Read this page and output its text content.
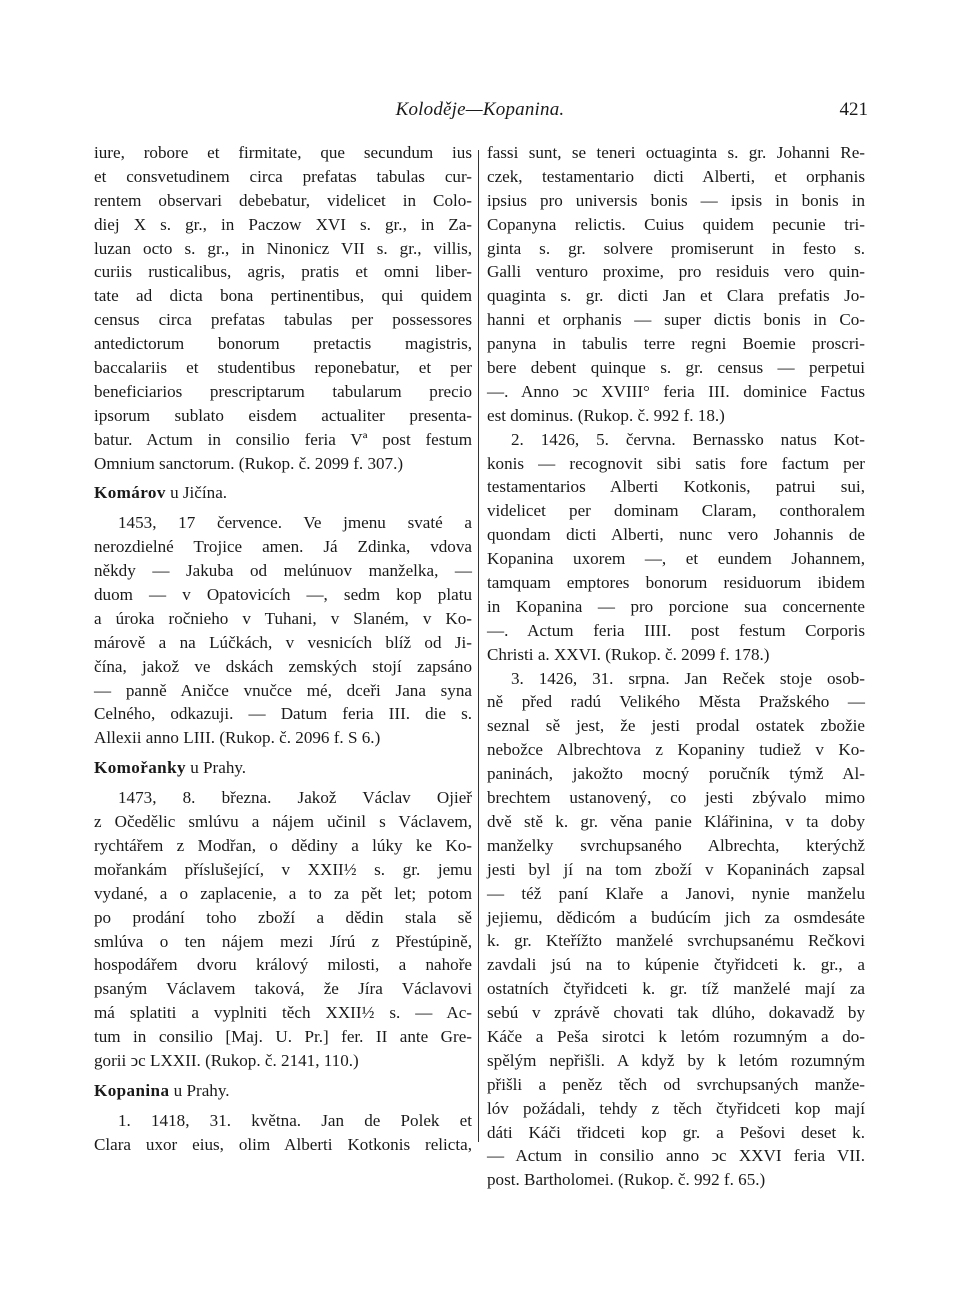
Koloděje—Kopanina.	421
iure, robore et firmitate, que secundum ius
et consvetudinem circa prefatas tabulas cur-
rentem observari debebatur, videlicet in Colo-
diej X s. gr., in Paczow XVI s. gr., in Za-
luzan octo s. gr., in Ninonicz VII s. gr., villis,
curiis rusticalibus, agris, pratis et omni liber-
tate ad dicta bona pertinentibus, qui quidem
census circa prefatas tabulas per possessores
antedictorum bonorum pretactis magistris,
baccalariis et studentibus reponebatur, et per
beneficiarios prescriptarum tabularum precio
ipsorum sublato eisdem actualiter presenta-
batur. Actum in consilio feria Vª post festum
Omnium sanctorum. (Rukop. č. 2099 f. 307.)
Komárov u Jičína.
1453, 17 července. Ve jmenu svaté a
nerozdielné Trojice amen. Já Zdinka, vdova
někdy — Jakuba od melúnuov manželka, —
duom — v Opatovicích —, sedm kop platu
a úroka ročnieho v Tuhani, v Slaném, v Ko-
márově a na Lúčkách, v vesnicích blíž od Ji-
čína, jakož ve dskách zemských stojí zapsáno
— panně Aničce vnučce mé, dceři Jana syna
Celného, odkazuji. — Datum feria III. die s.
Allexii anno LIII. (Rukop. č. 2096 f. S 6.)
Komořanky u Prahy.
1473, 8. března. Jakož Václav Ojieř
z Očedělic smlúvu a nájem učinil s Václavem,
rychtářem z Modřan, o dědiny a lúky ke Ko-
mořankám příslušející, v XXII½ s. gr. jemu
vydané, a o zaplacenie, a to za pět let; potom
po prodání toho zboží a dědin stala sě
smlúva o ten nájem mezi Jírú z Přestúpině,
hospodářem dvoru králový milosti, a nahoře
psaným Václavem taková, že Jíra Václavovi
má splatiti a vyplniti těch XXII½ s. — Ac-
tum in consilio [Maj. U. Pr.] fer. II ante Gre-
gorii ↄc LXXII. (Rukop. č. 2141, 110.)
Kopanina u Prahy.
1. 1418, 31. května. Jan de Polek et
Clara uxor eius, olim Alberti Kotkonis relicta,
fassi sunt, se teneri octuaginta s. gr. Johanni Re-
czek, testamentario dicti Alberti, et orphanis
ipsius pro universis bonis — ipsis in bonis in
Copanyna relictis. Cuius quidem pecunie tri-
ginta s. gr. solvere promiserunt in festo s.
Galli venturo proxime, pro residuis vero quin-
quaginta s. gr. dicti Jan et Clara prefatis Jo-
hanni et orphanis — super dictis bonis in Co-
panyna in tabulis terre regni Boemie proscri-
bere debent quinque s. gr. census — perpetui
—. Anno ↄc XVIII° feria III. dominice Factus
est dominus. (Rukop. č. 992 f. 18.)
2. 1426, 5. června. Bernassko natus Kot-
konis — recognovit sibi satis fore factum per
testamentarios Alberti Kotkonis, patrui sui,
videlicet per dominam Claram, conthoralem
quondam dicti Alberti, nunc vero Johannis de
Kopanina uxorem —, et eundem Johannem,
tamquam emptores bonorum residuorum ibidem
in Kopanina — pro porcione sua concernente
—. Actum feria IIII. post festum Corporis
Christi a. XXVI. (Rukop. č. 2099 f. 178.)
3. 1426, 31. srpna. Jan Reček stoje osob-
ně před radú Velikého Města Pražského —
seznal sě jest, že jesti prodal ostatek zbožie
nebožce Albrechtova z Kopaniny tudiež v Ko-
paninách, jakožto mocný poručník týmž Al-
brechtem ustanovený, co jesti zbývalo mimo
dvě stě k. gr. věna panie Klářinina, v ta doby
manželky svrchupsaného Albrechta, kterýchž
jesti byl jí na tom zboží v Kopaninách zapsal
— též paní Klaře a Janovi, nynie manželu
jejiemu, dědicóm a budúcím jich za osmdesáte
k. gr. Kteřížto manželé svrchupsanému Rečkovi
zavdali jsú na to kúpenie čtyřidceti k. gr., a
ostatních čtyřidceti k. gr. tíž manželé mají za
sebú v zprávě chovati tak dlúho, dokavadž by
Káče a Peša sirotci k letóm rozumným a do-
spělým nepřišli. A když by k letóm rozumným
přišli a peněz těch od svrchupsaných manže-
lóv požádali, tehdy z těch čtyřidceti kop mají
dáti Káči třidceti kop gr. a Pešovi deset k.
— Actum in consilio anno ↄc XXVI feria VII.
post. Bartholomei. (Rukop. č. 992 f. 65.)
